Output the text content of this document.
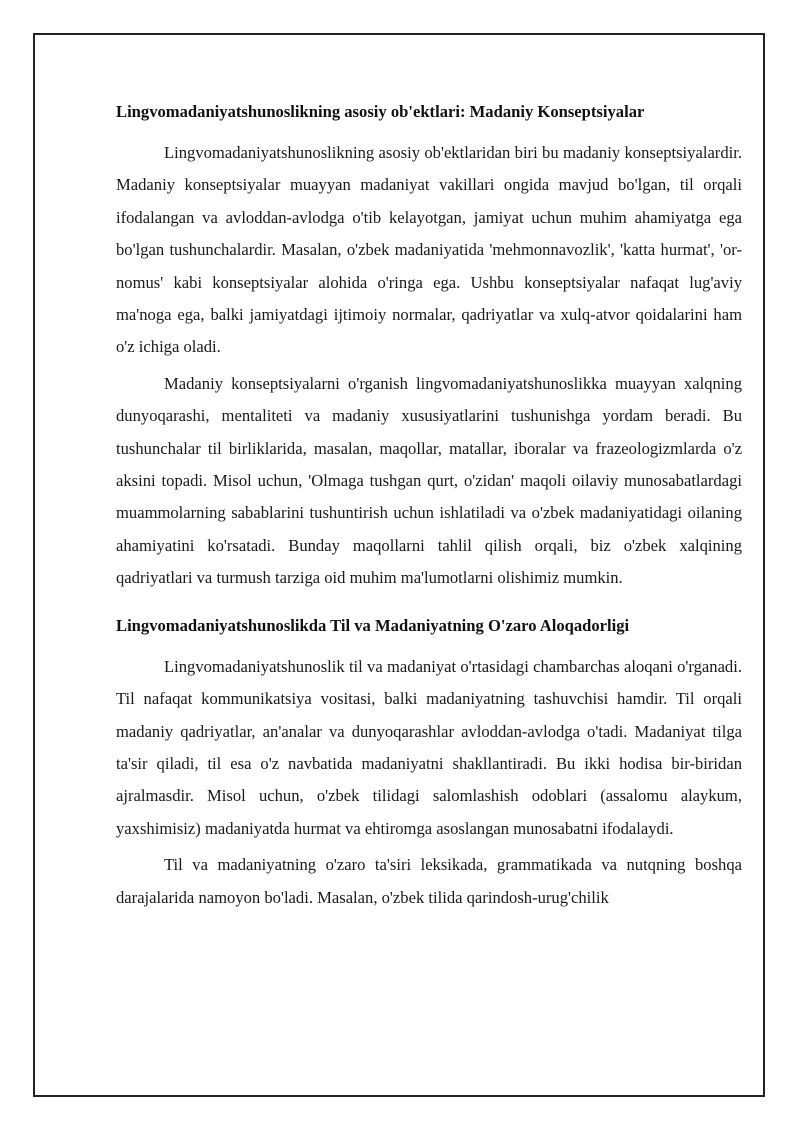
Lingvomadaniyatshunoslikning asosiy ob'ektlari: Madaniy Konseptsiyalar

Lingvomadaniyatshunoslikning asosiy ob'ektlaridan biri bu madaniy konseptsiyalardir. Madaniy konseptsiyalar muayyan madaniyat vakillari ongida mavjud bo'lgan, til orqali ifodalangan va avloddan-avlodga o'tib kelayotgan, jamiyat uchun muhim ahamiyatga ega bo'lgan tushunchalardir. Masalan, o'zbek madaniyatida 'mehmonnavozlik', 'katta hurmat', 'or-nomus' kabi konseptsiyalar alohida o'ringa ega. Ushbu konseptsiyalar nafaqat lug'aviy ma'noga ega, balki jamiyatdagi ijtimoiy normalar, qadriyatlar va xulq-atvor qoidalarini ham o'z ichiga oladi.

Madaniy konseptsiyalarni o'rganish lingvomadaniyatshunoslikka muayyan xalqning dunyoqarashi, mentaliteti va madaniy xususiyatlarini tushunishga yordam beradi. Bu tushunchalar til birliklarida, masalan, maqollar, matallar, iboralar va frazeologizmlarda o'z aksini topadi. Misol uchun, 'Olmaga tushgan qurt, o'zidan' maqoli oilaviy munosabatlardagi muammolarning sabablarini tushuntirish uchun ishlatiladi va o'zbek madaniyatidagi oilaning ahamiyatini ko'rsatadi. Bunday maqollarni tahlil qilish orqali, biz o'zbek xalqining qadriyatlari va turmush tarziga oid muhim ma'lumotlarni olishimiz mumkin.

Lingvomadaniyatshunoslikda Til va Madaniyatning O'zaro Aloqadorligi

Lingvomadaniyatshunoslik til va madaniyat o'rtasidagi chambarchas aloqani o'rganadi. Til nafaqat kommunikatsiya vositasi, balki madaniyatning tashuvchisi hamdir. Til orqali madaniy qadriyatlar, an'analar va dunyoqarashlar avloddan-avlodga o'tadi. Madaniyat tilga ta'sir qiladi, til esa o'z navbatida madaniyatni shakllantiradi. Bu ikki hodisa bir-biridan ajralmasdir. Misol uchun, o'zbek tilidagi salomlashish odoblari (assalomu alaykum, yaxshimisiz) madaniyatda hurmat va ehtiromga asoslangan munosabatni ifodalaydi.

Til va madaniyatning o'zaro ta'siri leksikada, grammatikada va nutqning boshqa darajalarida namoyon bo'ladi. Masalan, o'zbek tilida qarindosh-urug'chilik
